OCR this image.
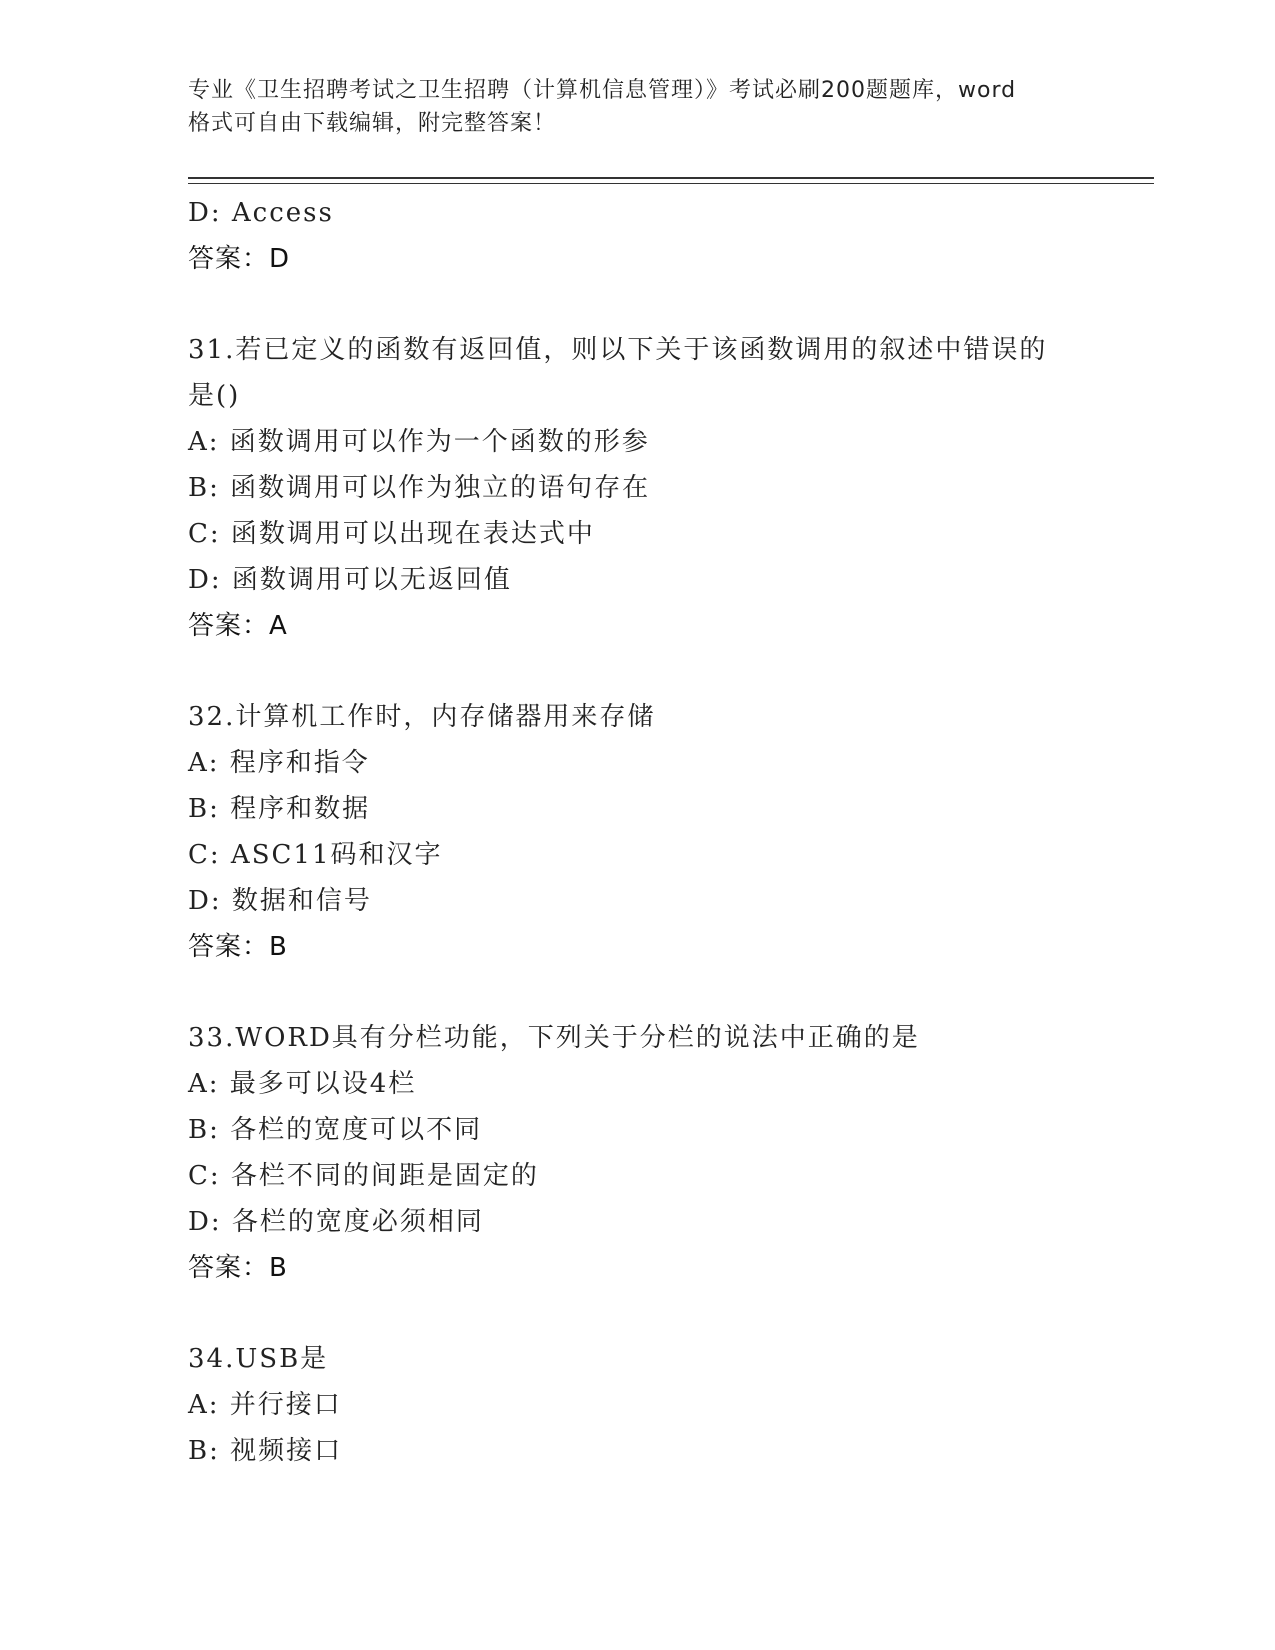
专业《卫生招聘考试之卫生招聘（计算机信息管理）》考试必刷200题题库，word
格式可自由下载编辑，附完整答案！
D: Access
答案：D
31.若已定义的函数有返回值，则以下关于该函数调用的叙述中错误的
是()
A: 函数调用可以作为一个函数的形参
B: 函数调用可以作为独立的语句存在
C: 函数调用可以出现在表达式中
D: 函数调用可以无返回值
答案：A
32.计算机工作时，内存储器用来存储
A: 程序和指令
B: 程序和数据
C: ASC11码和汉字
D: 数据和信号
答案：B
33.WORD具有分栏功能，下列关于分栏的说法中正确的是
A: 最多可以设4栏
B: 各栏的宽度可以不同
C: 各栏不同的间距是固定的
D: 各栏的宽度必须相同
答案：B
34.USB是
A: 并行接口
B: 视频接口
